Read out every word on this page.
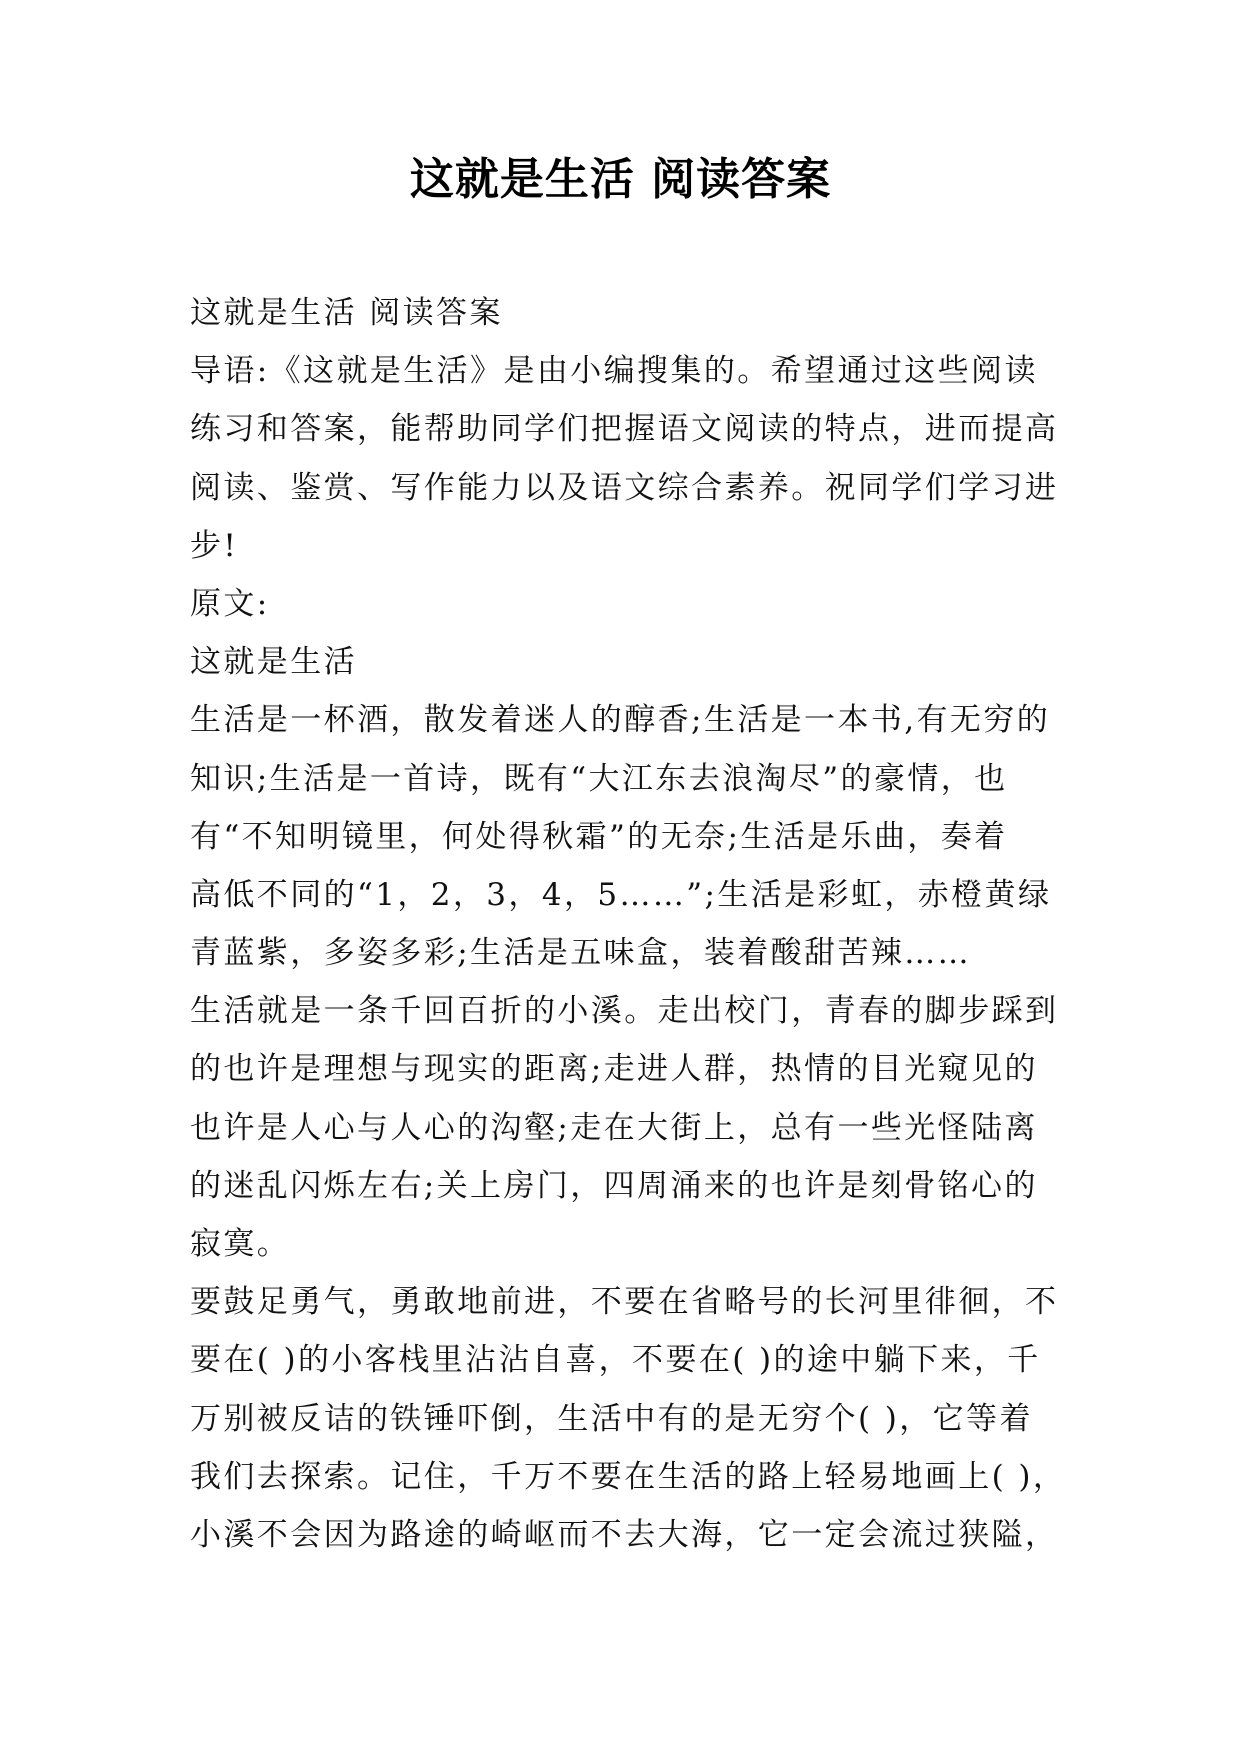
这就是生活 阅读答案
这就是生活 阅读答案
导语:《这就是生活》是由小编搜集的。希望通过这些阅读
练习和答案，能帮助同学们把握语文阅读的特点，进而提高
阅读、鉴赏、写作能力以及语文综合素养。祝同学们学习进
步!
原文:
这就是生活
生活是一杯酒，散发着迷人的醇香;生活是一本书,有无穷的
知识;生活是一首诗，既有“大江东去浪淘尽”的豪情，也
有“不知明镜里，何处得秋霜”的无奈;生活是乐曲，奏着
高低不同的“1，2，3，4，5……”;生活是彩虹，赤橙黄绿
青蓝紫，多姿多彩;生活是五味盒，装着酸甜苦辣……
生活就是一条千回百折的小溪。走出校门，青春的脚步踩到
的也许是理想与现实的距离;走进人群，热情的目光窥见的
也许是人心与人心的沟壑;走在大街上，总有一些光怪陆离
的迷乱闪烁左右;关上房门，四周涌来的也许是刻骨铭心的
寂寞。
要鼓足勇气，勇敢地前进，不要在省略号的长河里徘徊，不
要在( )的小客栈里沾沾自喜，不要在( )的途中躺下来，千
万别被反诘的铁锤吓倒，生活中有的是无穷个( )，它等着
我们去探索。记住，千万不要在生活的路上轻易地画上( )，
小溪不会因为路途的崎岖而不去大海，它一定会流过狭隘，
